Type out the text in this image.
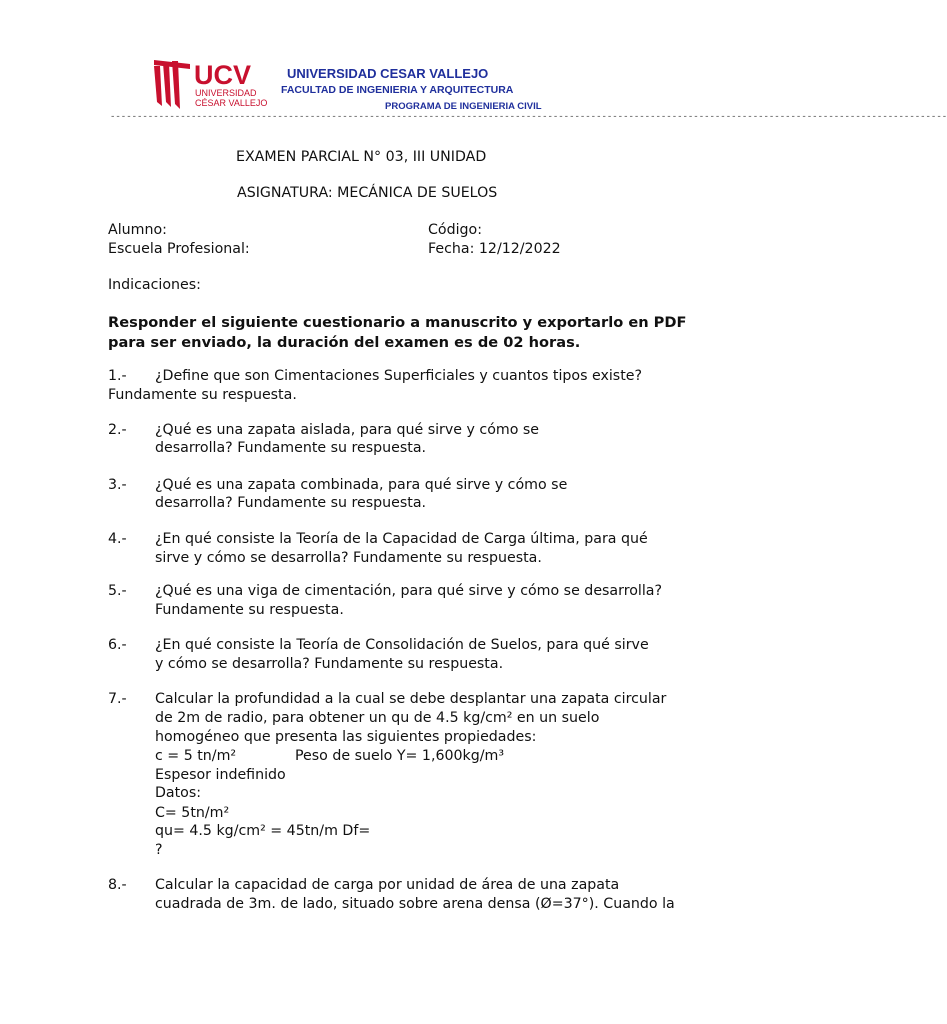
UCV
UNIVERSIDAD
CÉSAR VALLEJO
UNIVERSIDAD CESAR VALLEJO
FACULTAD DE INGENIERIA Y ARQUITECTURA
PROGRAMA DE INGENIERIA CIVIL
-----------------------------------------------------------------------------------------------------------------------------------------------------------
EXAMEN PARCIAL N° 03, III UNIDAD
ASIGNATURA: MECÁNICA DE SUELOS
Alumno:
Escuela Profesional:
Código:
Fecha: 12/12/2022
Indicaciones:
Responder el siguiente cuestionario a manuscrito y exportarlo en PDF
para ser enviado, la duración del examen es de 02 horas.
1.- ¿Define que son Cimentaciones Superficiales y cuantos tipos existe?
Fundamente su respuesta.
2.- ¿Qué es una zapata aislada, para qué sirve y cómo se
desarrolla? Fundamente su respuesta.
3.- ¿Qué es una zapata combinada, para qué sirve y cómo se
desarrolla? Fundamente su respuesta.
4.- ¿En qué consiste la Teoría de la Capacidad de Carga última, para qué
sirve y cómo se desarrolla? Fundamente su respuesta.
5.- ¿Qué es una viga de cimentación, para qué sirve y cómo se desarrolla?
Fundamente su respuesta.
6.- ¿En qué consiste la Teoría de Consolidación de Suelos, para qué sirve
y cómo se desarrolla? Fundamente su respuesta.
7.- Calcular la profundidad a la cual se debe desplantar una zapata circular
de 2m de radio, para obtener un qu de 4.5 kg/cm² en un suelo
homogéneo que presenta las siguientes propiedades:
c = 5 tn/m²	Peso de suelo Y= 1,600kg/m³
Espesor indefinido
Datos:
C= 5tn/m²
qu= 4.5 kg/cm² = 45tn/m Df=
?
8.- Calcular la capacidad de carga por unidad de área de una zapata
cuadrada de 3m. de lado, situado sobre arena densa (Ø=37°). Cuando la
